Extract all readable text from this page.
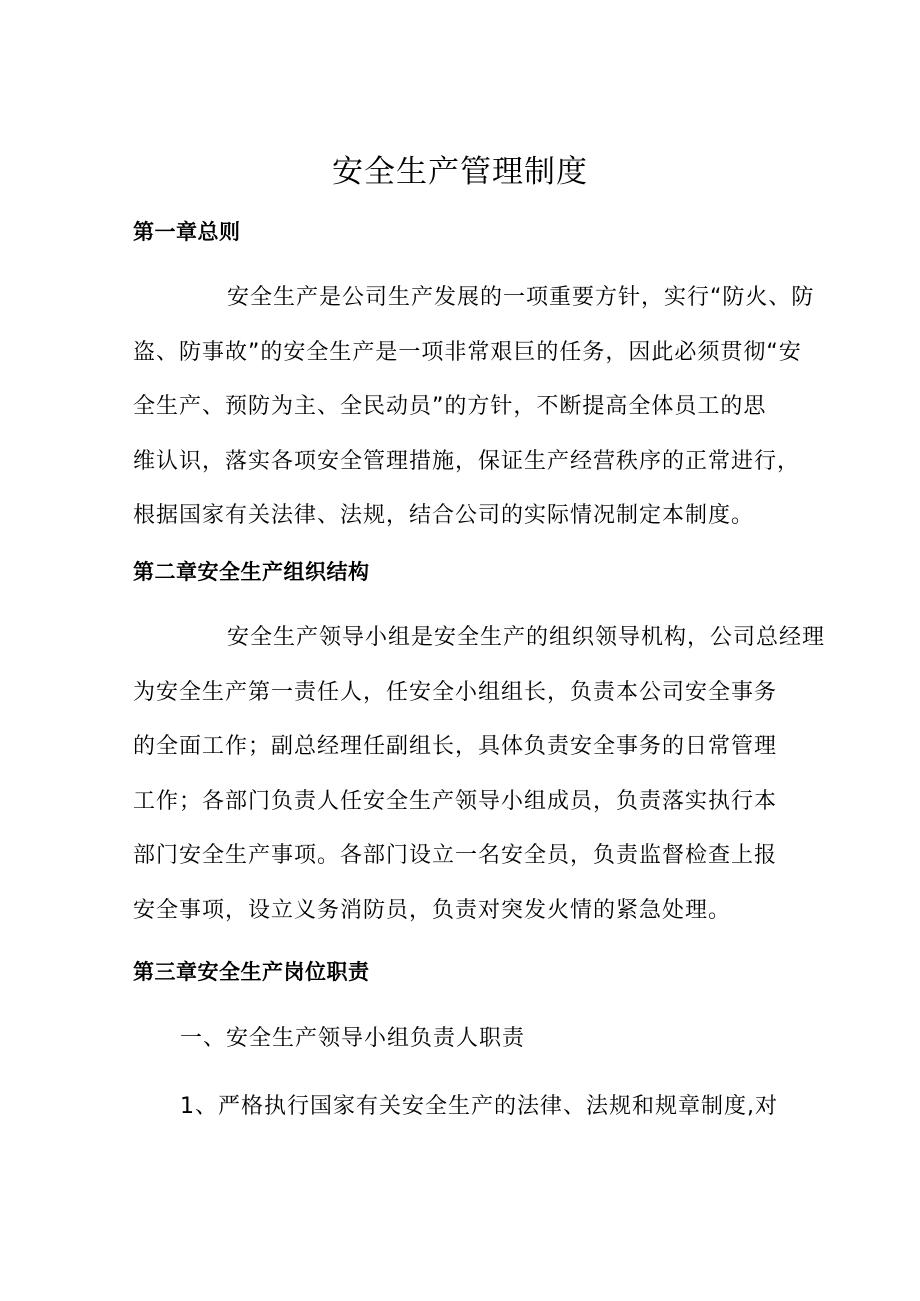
安全生产管理制度
第一章总则
安全生产是公司生产发展的一项重要方针，实行“防火、防
盗、防事故”的安全生产是一项非常艰巨的任务，因此必须贯彻“安
全生产、预防为主、全民动员”的方针，不断提高全体员工的思
维认识，落实各项安全管理措施，保证生产经营秩序的正常进行，
根据国家有关法律、法规，结合公司的实际情况制定本制度。
第二章安全生产组织结构
安全生产领导小组是安全生产的组织领导机构，公司总经理
为安全生产第一责任人，任安全小组组长，负责本公司安全事务
的全面工作；副总经理任副组长，具体负责安全事务的日常管理
工作；各部门负责人任安全生产领导小组成员，负责落实执行本
部门安全生产事项。各部门设立一名安全员，负责监督检查上报
安全事项，设立义务消防员，负责对突发火情的紧急处理。
第三章安全生产岗位职责

一、安全生产领导小组负责人职责

1、严格执行国家有关安全生产的法律、法规和规章制度,对
